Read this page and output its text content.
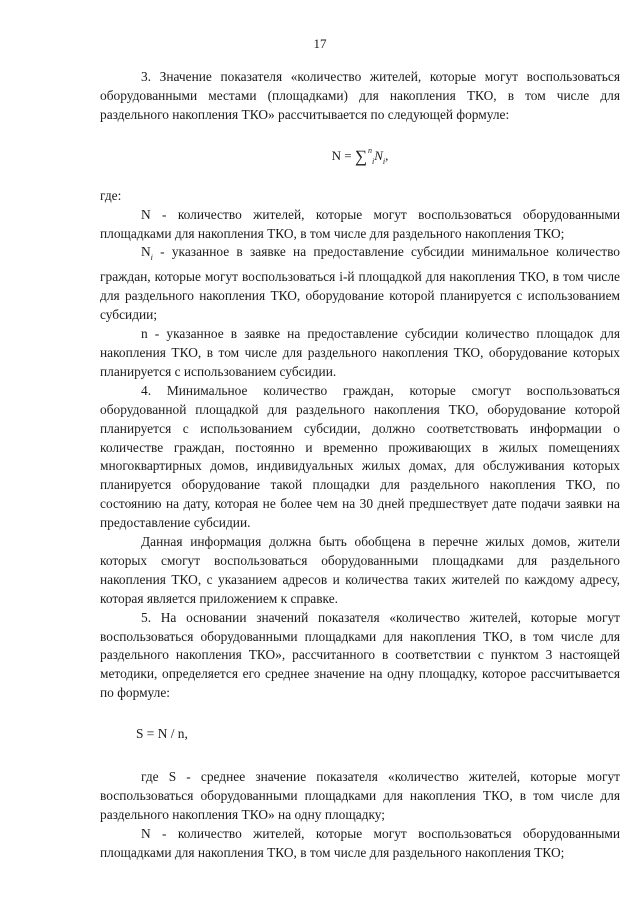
17

3. Значение показателя «количество жителей, которые могут воспользоваться оборудованными местами (площадками) для накопления ТКО, в том числе для раздельного накопления ТКО» рассчитывается по следующей формуле:

$N = \sum^n_iN_i$,

где:

N - количество жителей, которые могут воспользоваться оборудованными площадками для накопления ТКО, в том числе для раздельного накопления ТКО;

$N_i$ - указанное в заявке на предоставление субсидии минимальное количество граждан, которые могут воспользоваться i-й площадкой для накопления ТКО, в том числе для раздельного накопления ТКО, оборудование которой планируется с использованием субсидии;

n - указанное в заявке на предоставление субсидии количество площадок для накопления ТКО, в том числе для раздельного накопления ТКО, оборудование которых планируется с использованием субсидии.

4. Минимальное количество граждан, которые смогут воспользоваться оборудованной площадкой для раздельного накопления ТКО, оборудование которой планируется с использованием субсидии, должно соответствовать информации о количестве граждан, постоянно и временно проживающих в жилых помещениях многоквартирных домов, индивидуальных жилых домах, для обслуживания которых планируется оборудование такой площадки для раздельного накопления ТКО, по состоянию на дату, которая не более чем на 30 дней предшествует дате подачи заявки на предоставление субсидии.

Данная информация должна быть обобщена в перечне жилых домов, жители которых смогут воспользоваться оборудованными площадками для раздельного накопления ТКО, с указанием адресов и количества таких жителей по каждому адресу, которая является приложением к справке.

5. На основании значений показателя «количество жителей, которые могут воспользоваться оборудованными площадками для накопления ТКО, в том числе для раздельного накопления ТКО», рассчитанного в соответствии с пунктом 3 настоящей методики, определяется его среднее значение на одну площадку, которое рассчитывается по формуле:

S = N / n,

где S - среднее значение показателя «количество жителей, которые могут воспользоваться оборудованными площадками для накопления ТКО, в том числе для раздельного накопления ТКО» на одну площадку;

N - количество жителей, которые могут воспользоваться оборудованными площадками для накопления ТКО, в том числе для раздельного накопления ТКО;
